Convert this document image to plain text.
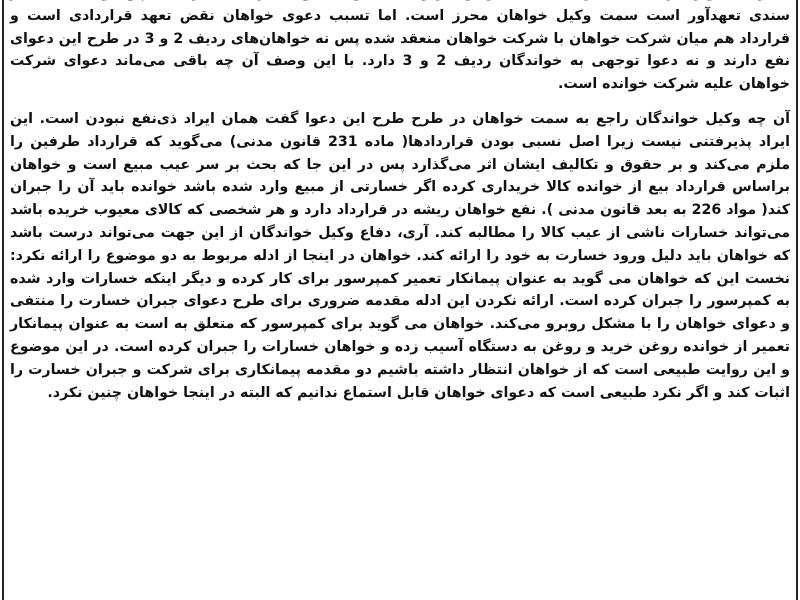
سندی تعهدآور است سمت وکیل خواهان محرز است. اما تسبب دعوی خواهان نقض تعهد قراردادی است و قرارداد هم میان شرکت خواهان با شرکت خواهان منعقد شده پس نه خواهان‌های ردیف 2 و 3 در طرح این دعوای نفع دارند و نه دعوا توجهی به خواندگان ردیف 2 و 3 دارد. با این وصف آن چه باقی می‌ماند دعوای شرکت خواهان علیه شرکت خوانده است.

آن چه وکیل خواندگان راجع به سمت خواهان در طرح طرح این دعوا گفت همان ایراد ذی‌نفع نبودن است. این ایراد پذیرفتنی نیست زیرا اصل نسبی بودن قراردادها( ماده 231 قانون مدنی) می‌گوید که قرارداد طرفین را ملزم می‌کند و بر حقوق و تکالیف ایشان اثر می‌گذارد پس در این جا که بحث بر سر عیب مبیع است و خواهان براساس قرارداد بیع از خوانده کالا خریداری کرده اگر خسارتی از مبیع وارد شده باشد خوانده باید آن را جبران کند( مواد 226 به بعد قانون مدنی ). نفع خواهان ریشه در قرارداد دارد و هر شخصی که کالای معیوب خریده باشد می‌تواند خسارات ناشی از عیب کالا را مطالبه کند. آری، دفاع وکیل خواندگان از این جهت می‌تواند درست باشد که خواهان باید دلیل ورود خسارت به خود را ارائه کند. خواهان در اینجا از ادله مربوط به دو موضوع را ارائه نکرد: نخست این که خواهان می گوید به عنوان پیمانکار تعمیر کمپرسور برای کار کرده و دیگر اینکه خسارات وارد شده به کمپرسور را جبران کرده است. ارائه نکردن این ادله مقدمه ضروری برای طرح دعوای جبران خسارت را منتفی و دعوای خواهان را با مشکل روبرو می‌کند. خواهان می گوید برای کمپرسور که متعلق به است به عنوان پیمانکار تعمیر از خوانده روغن خرید و روغن به دستگاه آسیب زده و خواهان خسارات را جبران کرده است. در این موضوع و این روایت طبیعی است که از خواهان انتظار داشته باشیم دو مقدمه پیمانکاری برای شرکت و جبران خسارت را اثبات کند و اگر نکرد طبیعی است که دعوای خواهان قابل استماع ندانیم که البته در اینجا خواهان چنین نکرد.
